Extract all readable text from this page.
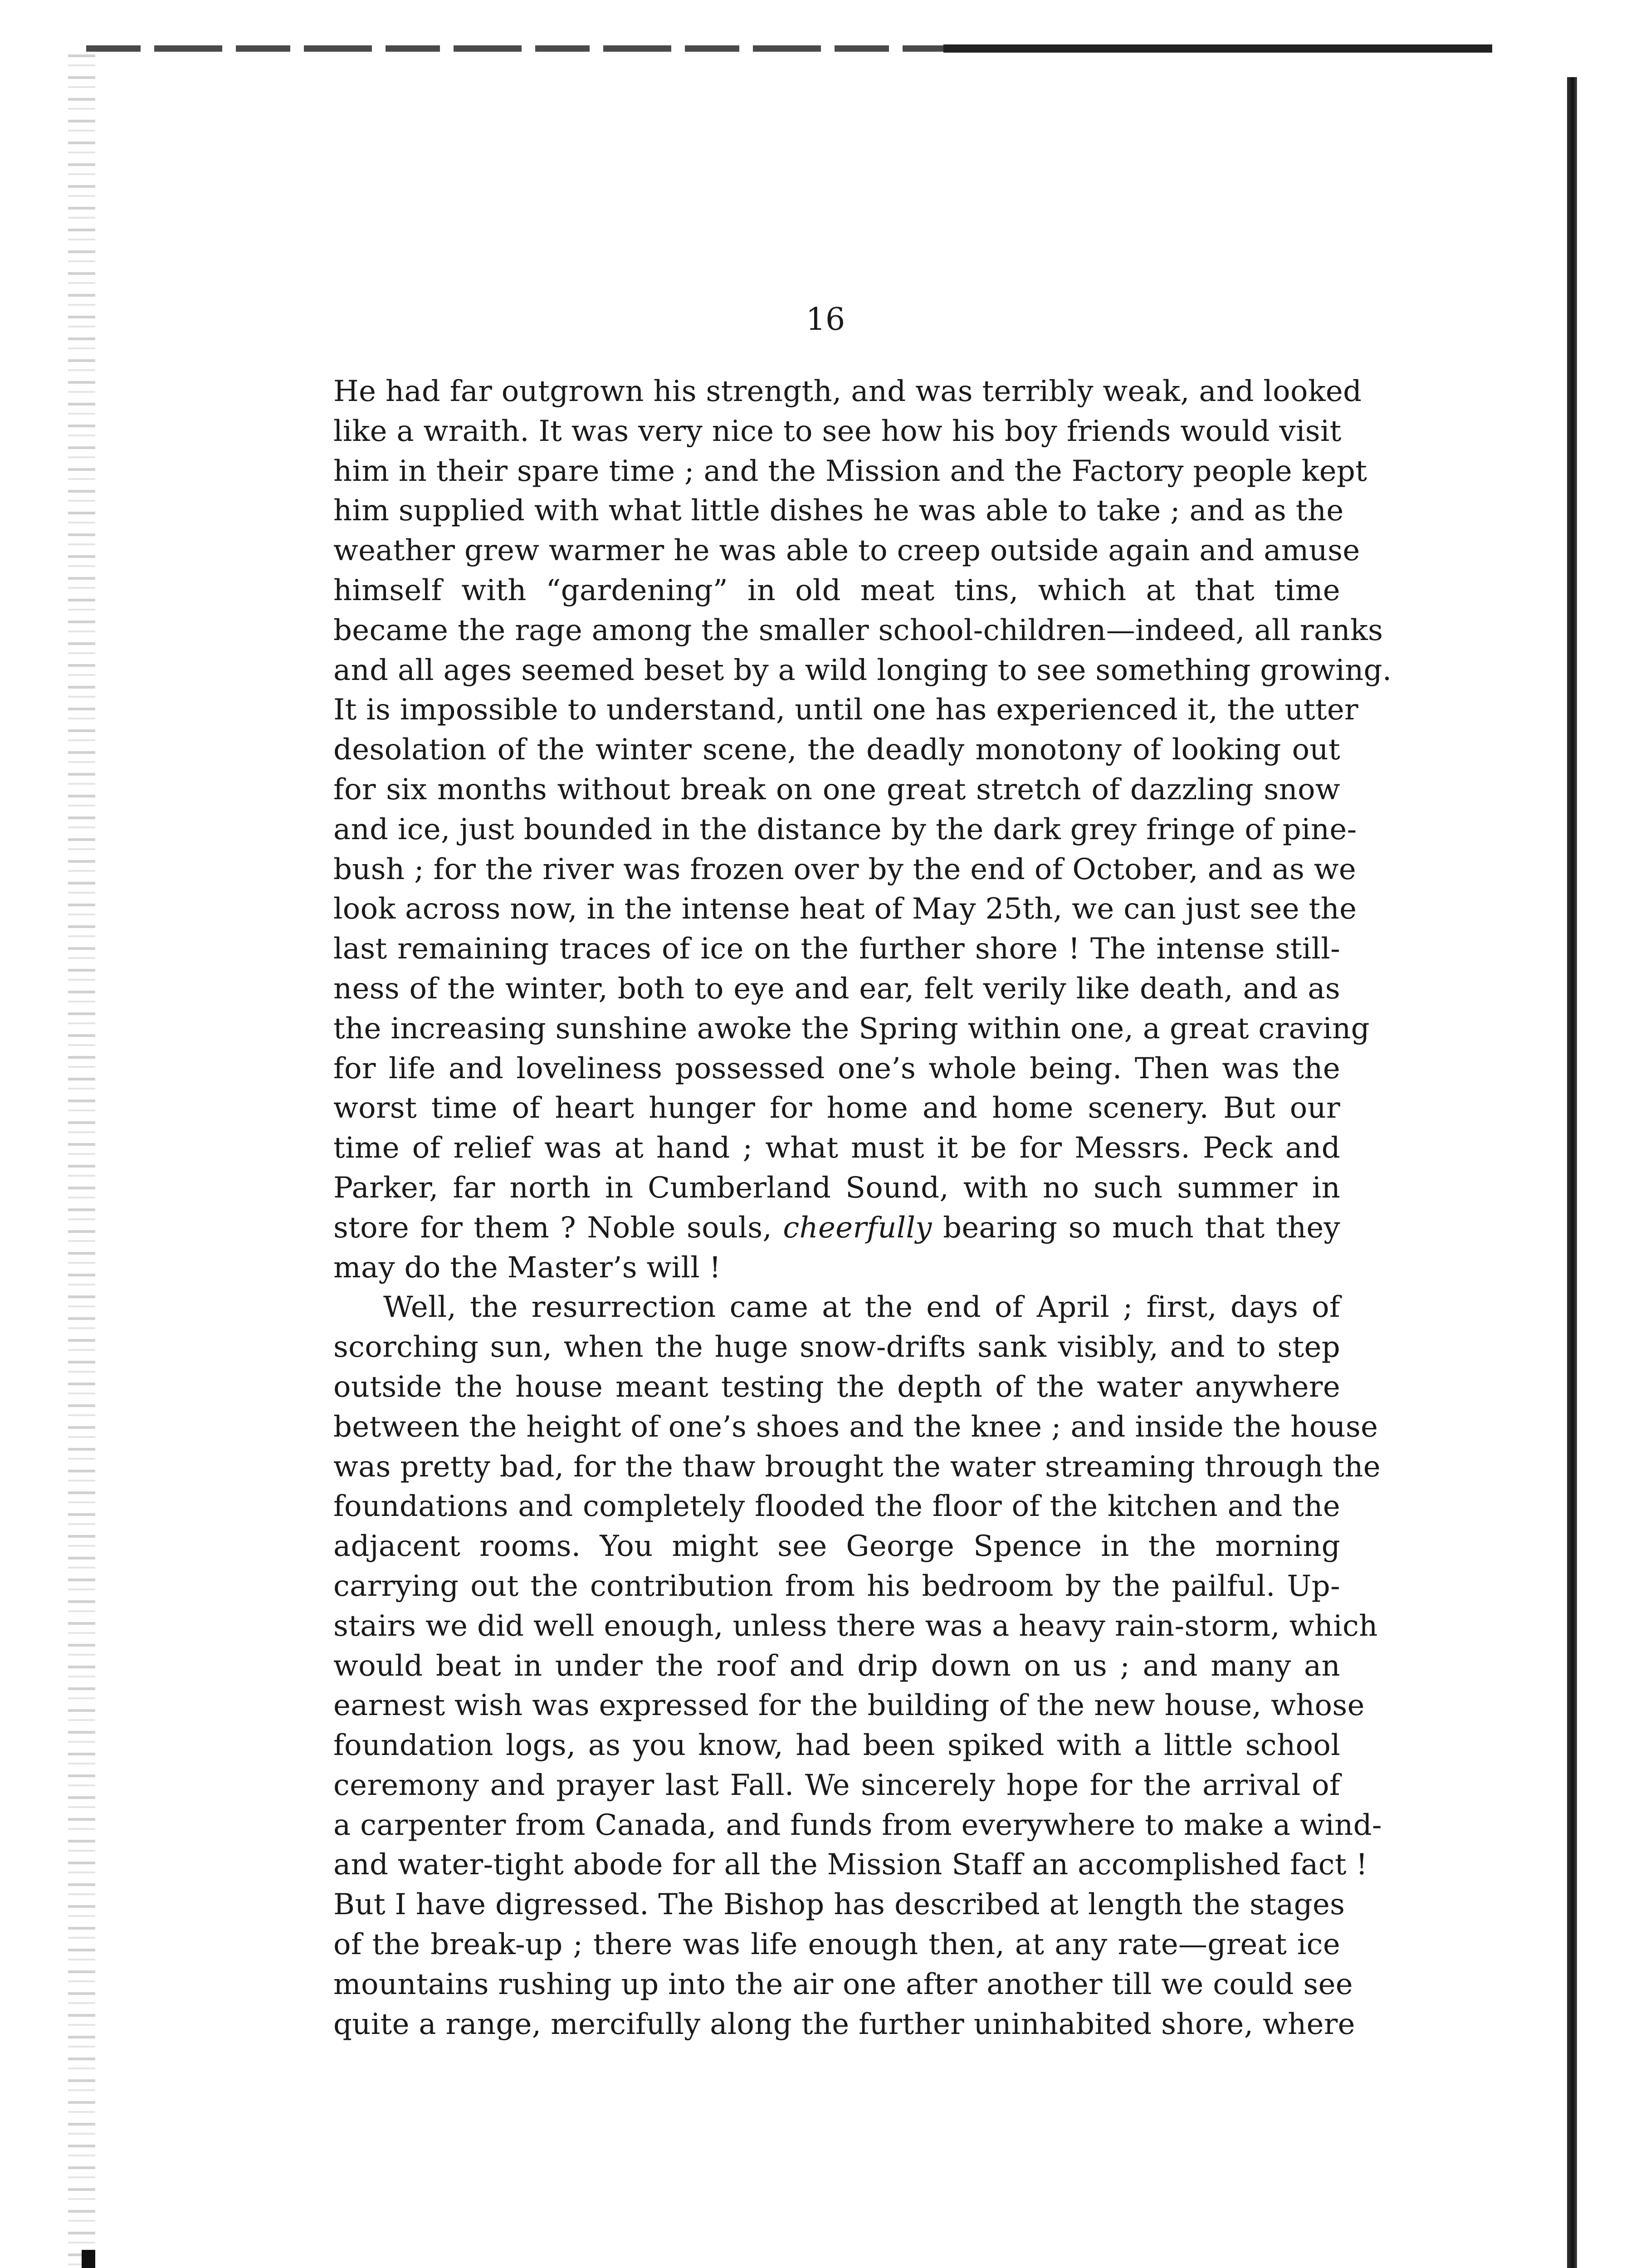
16
He had far outgrown his strength, and was terribly weak, and looked
like a wraith. It was very nice to see how his boy friends would visit
him in their spare time ; and the Mission and the Factory people kept
him supplied with what little dishes he was able to take ; and as the
weather grew warmer he was able to creep outside again and amuse
himself with “gardening” in old meat tins, which at that time
became the rage among the smaller school-children—indeed, all ranks
and all ages seemed beset by a wild longing to see something growing.
It is impossible to understand, until one has experienced it, the utter
desolation of the winter scene, the deadly monotony of looking out
for six months without break on one great stretch of dazzling snow
and ice, just bounded in the distance by the dark grey fringe of pine-
bush ; for the river was frozen over by the end of October, and as we
look across now, in the intense heat of May 25th, we can just see the
last remaining traces of ice on the further shore ! The intense still-
ness of the winter, both to eye and ear, felt verily like death, and as
the increasing sunshine awoke the Spring within one, a great craving
for life and loveliness possessed one’s whole being. Then was the
worst time of heart hunger for home and home scenery. But our
time of relief was at hand ; what must it be for Messrs. Peck and
Parker, far north in Cumberland Sound, with no such summer in
store for them ? Noble souls, cheerfully bearing so much that they
may do the Master’s will !
Well, the resurrection came at the end of April ; first, days of
scorching sun, when the huge snow-drifts sank visibly, and to step
outside the house meant testing the depth of the water anywhere
between the height of one’s shoes and the knee ; and inside the house
was pretty bad, for the thaw brought the water streaming through the
foundations and completely flooded the floor of the kitchen and the
adjacent rooms. You might see George Spence in the morning
carrying out the contribution from his bedroom by the pailful. Up-
stairs we did well enough, unless there was a heavy rain-storm, which
would beat in under the roof and drip down on us ; and many an
earnest wish was expressed for the building of the new house, whose
foundation logs, as you know, had been spiked with a little school
ceremony and prayer last Fall. We sincerely hope for the arrival of
a carpenter from Canada, and funds from everywhere to make a wind-
and water-tight abode for all the Mission Staff an accomplished fact !
But I have digressed. The Bishop has described at length the stages
of the break-up ; there was life enough then, at any rate—great ice
mountains rushing up into the air one after another till we could see
quite a range, mercifully along the further uninhabited shore, where
